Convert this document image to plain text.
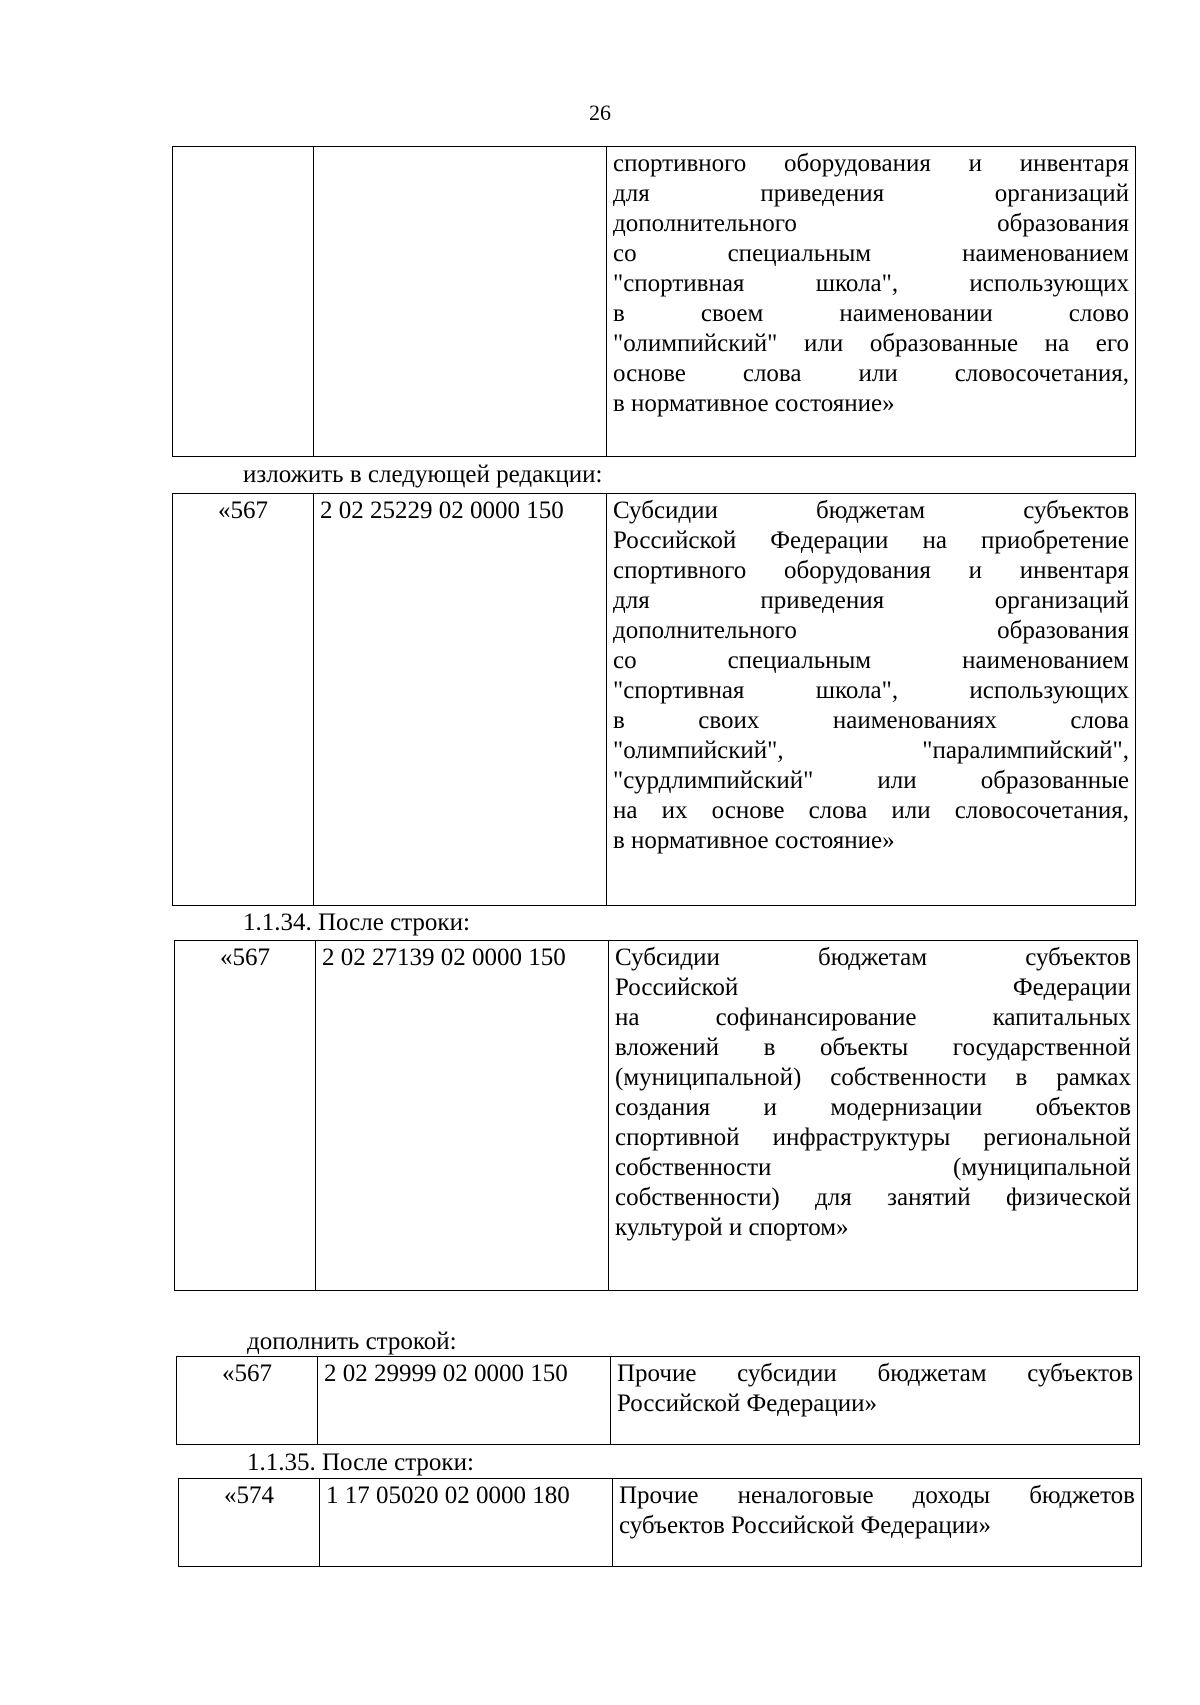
26

спортивного оборудования и инвентаря
для приведения организаций
дополнительного образования
со специальным наименованием
"спортивная школа", использующих
в своем наименовании слово
"олимпийский" или образованные на его
основе слова или словосочетания,
в нормативное состояние»
изложить в следующей редакции:
«567	2 02 25229 02 0000 150	Субсидии бюджетам субъектов
Российской Федерации на приобретение
спортивного оборудования и инвентаря
для приведения организаций
дополнительного образования
со специальным наименованием
"спортивная школа", использующих
в своих наименованиях слова
"олимпийский", "паралимпийский",
"сурдлимпийский" или образованные
на их основе слова или словосочетания,
в нормативное состояние»
1.1.34. После строки:
«567	2 02 27139 02 0000 150	Субсидии бюджетам субъектов
Российской Федерации
на софинансирование капитальных
вложений в объекты государственной
(муниципальной) собственности в рамках
создания и модернизации объектов
спортивной инфраструктуры региональной
собственности (муниципальной
собственности) для занятий физической
культурой и спортом»
дополнить строкой:
«567	2 02 29999 02 0000 150	Прочие субсидии бюджетам субъектов
Российской Федерации»
1.1.35. После строки:
«574	1 17 05020 02 0000 180	Прочие неналоговые доходы бюджетов
субъектов Российской Федерации»
